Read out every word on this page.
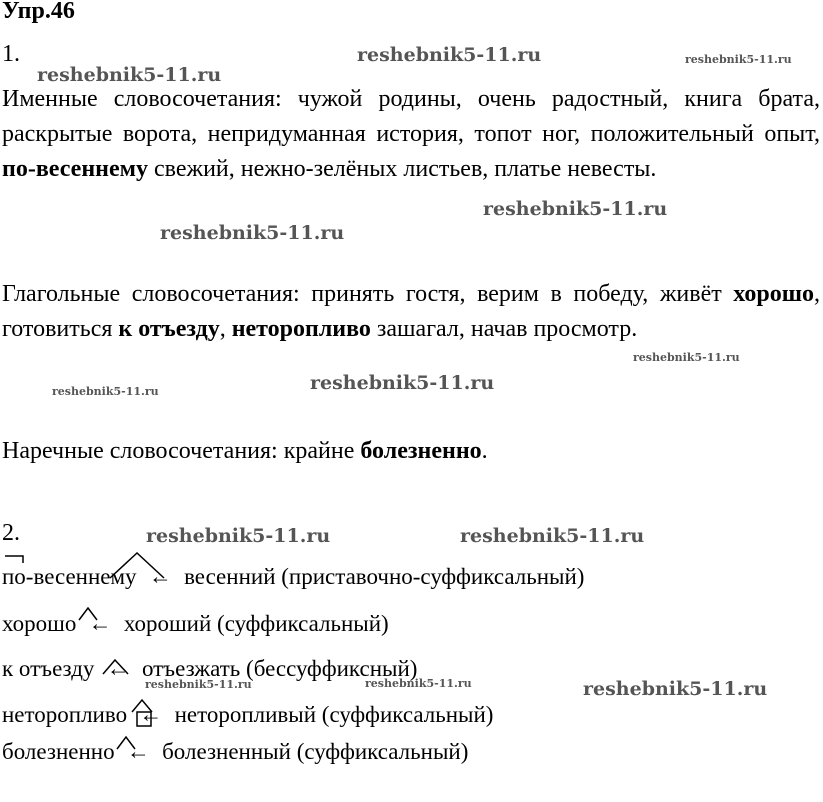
Упр.46
1.	reshebnik5-11.ru	reshebnik5-11.ru
reshebnik5-11.ru
reshebnik5-11.ru
reshebnik5-11.ru
reshebnik5-11.ru
reshebnik5-11.ru
reshebnik5-11.ru
reshebnik5-11.ru	reshebnik5-11.ru
reshebnik5-11.ru	reshebnik5-11.ru	reshebnik5-11.ru
Именные словосочетания: чужой родины, очень радостный, книга брата, раскрытые ворота, непридуманная история, топот ног, положительный опыт, по-весеннему свежий, нежно-зелёных листьев, платье невесты.
Глагольные словосочетания: принять гостя, верим в победу, живёт хорошо, готовиться к отъезду, неторопливо зашагал, начав просмотр.
Наречные словосочетания: крайне болезненно.
2.
по-весеннему ← весенний (приставочно-суффиксальный)
хорошо ← хороший (суффиксальный)
к отъезду ← отъезжать (бессуффиксный)
неторопливо ← неторопливый (суффиксальный)
болезненно ← болезненный (суффиксальный)
